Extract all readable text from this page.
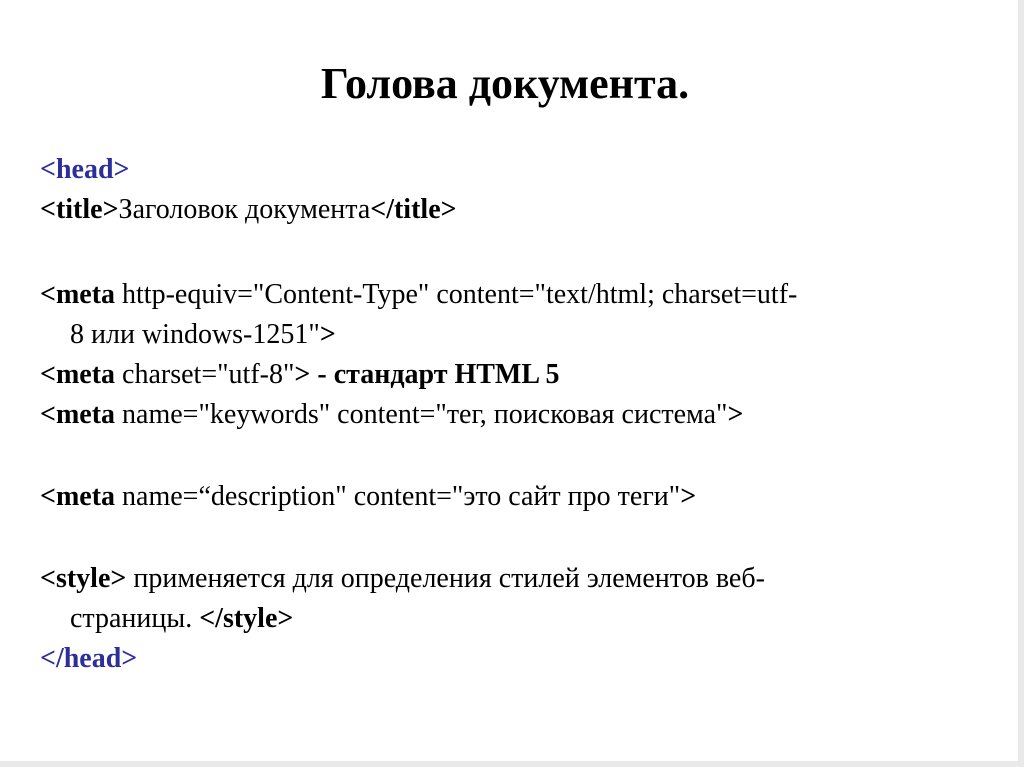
Голова документа.
<head>
<title>Заголовок документа</title>
<meta http-equiv="Content-Type" content="text/html; charset=utf-
8 или windows-1251">
<meta charset="utf-8"> - стандарт HTML 5
<meta name="keywords" content="тег, поисковая система">
<meta name=“description" content="это сайт про теги">
<style> применяется для определения стилей элементов веб-
страницы. </style>
</head>
